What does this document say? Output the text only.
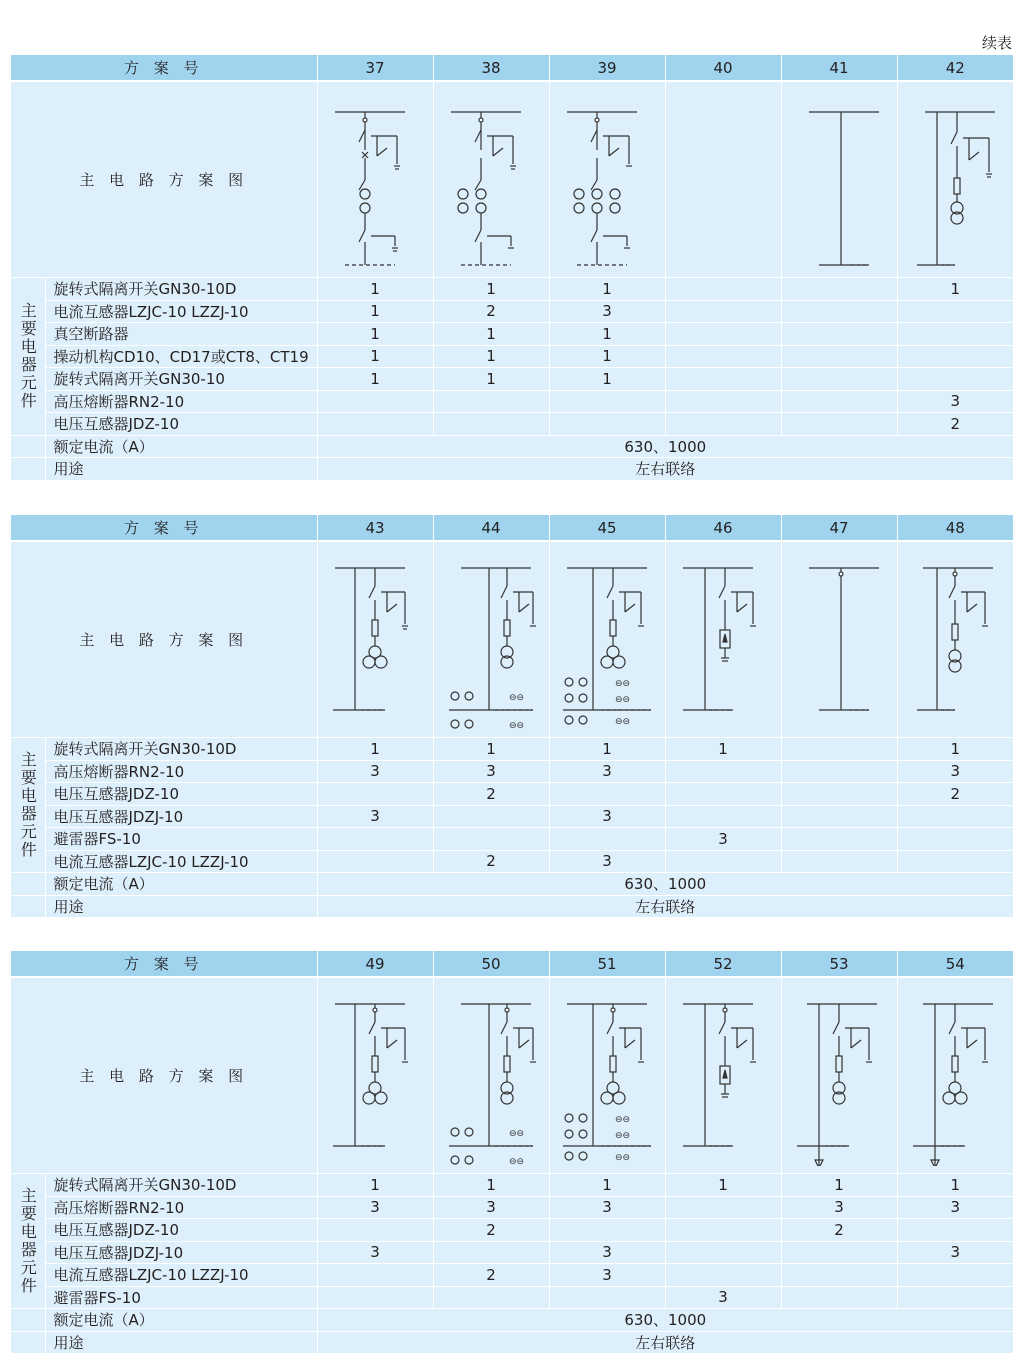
续表
方 案 号		37	38	39	40	41	42
主 电 路 方 案 图	

主要电器元件	旋转式隔离开关GN30-10D	1	1	1			1
	电流互感器LZJC-10 LZZJ-10	1	2	3			
	真空断路器	1	1	1			
	操动机构CD10、CD17或CT8、CT19	1	1	1			
	旋转式隔离开关GN30-10	1	1	1			
	高压熔断器RN2-10						3
	电压互感器JDZ-10						2
	额定电流（A）	630、1000					
	用途	左右联络					
方 案 号		43	44	45	46	47	48
主 电 路 方 案 图			⊖⊖
⊖⊖	⊖⊖
⊖⊖
⊖⊖

主要电器元件	旋转式隔离开关GN30-10D	1	1	1	1		1
	高压熔断器RN2-10	3	3	3			3
	电压互感器JDZ-10		2				2
	电压互感器JDZJ-10	3		3			
	避雷器FS-10				3		
	电流互感器LZJC-10 LZZJ-10		2	3			
	额定电流（A）	630、1000					
	用途	左右联络					
方 案 号		49	50	51	52	53	54
主 电 路 方 案 图			⊖⊖
⊖⊖	⊖⊖
⊖⊖
⊖⊖

主要电器元件	旋转式隔离开关GN30-10D	1	1	1	1	1	1
	高压熔断器RN2-10	3	3	3		3	3
	电压互感器JDZ-10		2			2	
	电压互感器JDZJ-10	3		3			3
	电流互感器LZJC-10 LZZJ-10		2	3			
	避雷器FS-10				3		
	额定电流（A）	630、1000					
	用途	左右联络					
